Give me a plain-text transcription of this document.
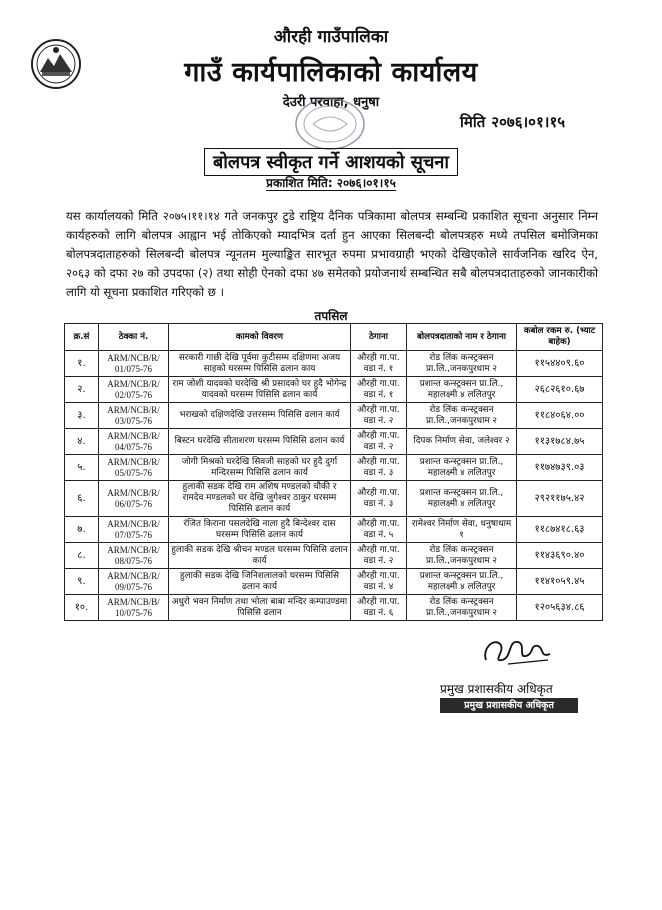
औरही गाउँपालिका
गाउँ कार्यपालिकाको कार्यालय
देउरी परवाहा, धनुषा
मिति २०७६।०१।१५
बोलपत्र स्वीकृत गर्ने आशयको सूचना
प्रकाशित मिति: २०७६।०१।१५
यस कार्यालयको मिति २०७५।११।१४ गते जनकपुर टुडे राष्ट्रिय दैनिक पत्रिकामा बोलपत्र सम्बन्धि प्रकाशित सूचना अनुसार निम्न कार्यहरुको लागि बोलपत्र आह्वान भई तोकिएको म्यादभित्र दर्ता हुन आएका सिलबन्दी बोलपत्रहरु मध्ये तपसिल बमोजिमका बोलपत्रदाताहरुको सिलबन्दी बोलपत्र न्यूनतम मुल्याङ्कित सारभूत रुपमा प्रभावग्राही भएको देखिएकोले सार्वजनिक खरिद ऐन, २०६३ को दफा २७ को उपदफा (२) तथा सोही ऐनको दफा ४७ समेतको प्रयोजनार्थ सम्बन्धित सबै बोलपत्रदाताहरुको जानकारीको लागि यो सूचना प्रकाशित गरिएको छ ।
तपसिल
क्र.सं	ठेक्का नं.	कामको विवरण	ठेगाना	बोलपत्रदाताको नाम र ठेगाना	कबोल रकम रु. (भ्याट बाहेक)
१.	ARM/NCB/R/ 01/075-76	सरकारी गाछी देखि पूर्वमा कुटीसम्म दक्षिणमा अजय साहको घरसम्म पिसिसि ढलान काय	औरही गा.पा. वडा नं. १	रोड लिंक कन्स्ट्रक्सन प्रा.लि.,जनकपुरधाम २	११५४४०९.६०
२.	ARM/NCB/R/ 02/075-76	राम जोशी यादवको घरदेखि श्री प्रसादको घर हुदै भोगेन्द्र यादवको घरसम्म पिसिसि ढलान कार्य	औरही गा.पा. वडा नं. १	प्रशान्त कन्स्ट्रक्सन प्रा.लि., महालक्ष्मी ४ ललितपुर	२६८२६१०.६७
३.	ARM/NCB/R/ 03/075-76	भराखको दक्षिणदेखि उत्तरसम्म पिसिसि ढलान कार्य	औरही गा.पा. वडा नं. २	रोड लिंक कन्स्ट्रक्सन प्रा.लि.,जनकपुरधाम २	११८४०६४.००
४.	ARM/NCB/R/ 04/075-76	बिस्टन घरदेखि सीताशरण घरसम्म पिसिसि ढलान कार्य	औरही गा.पा. वडा नं. २	दिपक निर्माण सेवा, जलेश्वर २	११३१७८४.७५
५.	ARM/NCB/R/ 05/075-76	जोगी मिश्रको घरदेखि सिवजी साहको घर हुदै दुर्गा मन्दिरसम्म पिसिसि ढलान कार्य	औरही गा.पा. वडा नं. ३	प्रशान्त कन्स्ट्रक्सन प्रा.लि., महालक्ष्मी ४ ललितपुर	११७४७३९.०३
६.	ARM/NCB/R/ 06/075-76	हुलाकी सडक देखि राम अशिष मण्डलको चौकी र रामदेव मण्डलको घर देखि जुगेश्वर ठाकुर घरसम्म पिसिसि ढलान कार्य	औरही गा.पा. वडा नं. ३	प्रशान्त कन्स्ट्रक्सन प्रा.लि., महालक्ष्मी ४ ललितपुर	२९२११७५.४२
७.	ARM/NCB/R/ 07/075-76	रंजित किराना पसलदेखि नाला हुदै बिन्देश्वर दास घरसम्म पिसिसि ढलान कार्य	औरही गा.पा. वडा नं. ५	रामेश्वर निर्माण सेवा, धनुषाधाम १	११८७४१८.६३
८.	ARM/NCB/R/ 08/075-76	हुलाकी सडक देखि श्रीचन मण्डल घरसम्म पिसिसि ढलान कार्य	औरही गा.पा. वडा नं. २	रोड लिंक कन्स्ट्रक्सन प्रा.लि.,जनकपुरधाम २	११४३६९०.४०
९.	ARM/NCB/R/ 09/075-76	हुलाकी सडक देखि जिनिशलालको घरसम्म पिसिसि ढलान कार्य	औरही गा.पा. वडा नं. ४	प्रशान्त कन्स्ट्रक्सन प्रा.लि., महालक्ष्मी ४ ललितपुर	११४१०५९.४५
१०.	ARM/NCB/B/ 10/075-76	अधुरो भवन निर्माण तथा भोला बाबा मन्दिर कम्पाउण्डमा पिसिसि ढलान	औरही गा.पा. वडा नं. ६	रोड लिंक कन्स्ट्रक्सन प्रा.लि.,जनकपुरधाम २	१२०५६३४.८६
प्रमुख प्रशासकीय अधिकृत
प्रमुख प्रशासकीय अधिकृत
